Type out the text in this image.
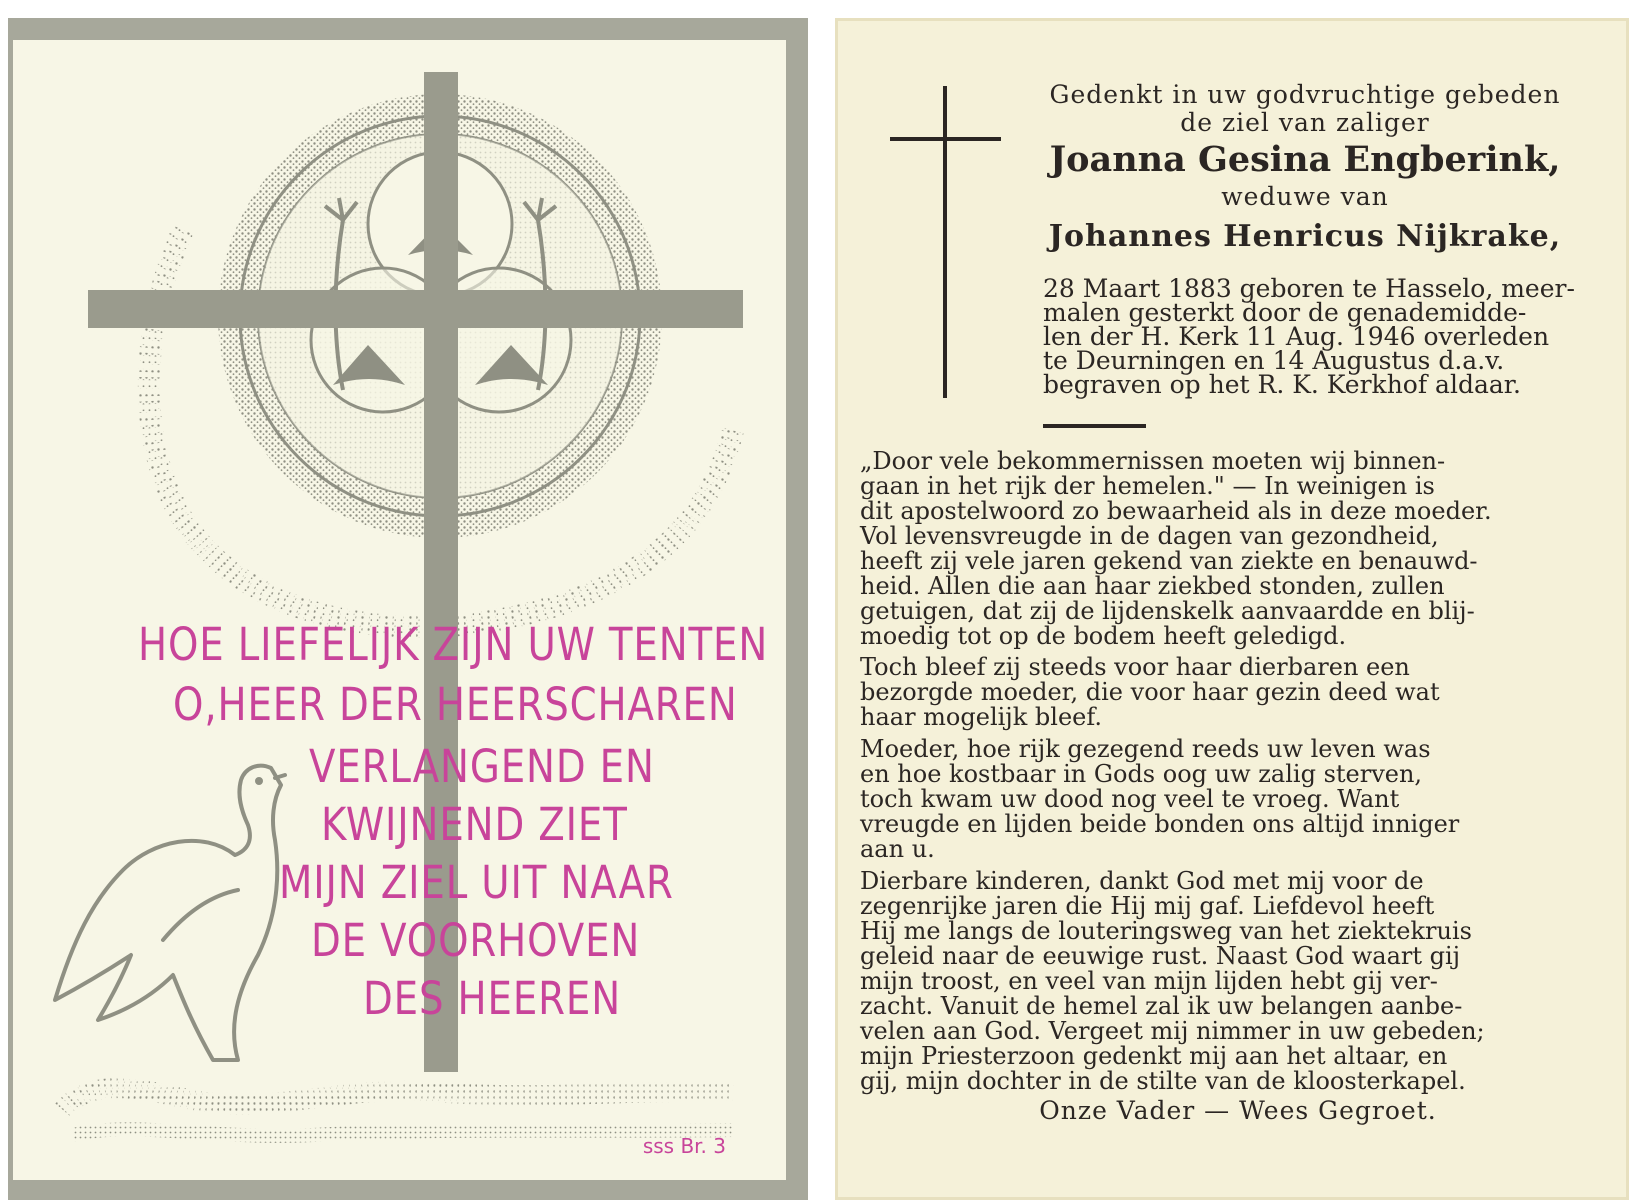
HOE LIEFELIJK ZIJN UW TENTEN
O,HEER DER HEERSCHAREN
VERLANGEND EN
KWIJNEND ZIET
MIJN ZIEL UIT NAAR
DE VOORHOVEN
DES HEEREN
sss Br. 3
Gedenkt in uw godvruchtige gebeden
de ziel van zaliger
Joanna Gesina Engberink,
weduwe van
Johannes Henricus Nijkrake,
28 Maart 1883 geboren te Hasselo, meer-
malen gesterkt door de genademidde-
len der H. Kerk 11 Aug. 1946 overleden
te Deurningen en 14 Augustus d.a.v.
begraven op het R. K. Kerkhof aldaar.
„Door vele bekommernissen moeten wij binnen-
gaan in het rijk der hemelen." — In weinigen is
dit apostelwoord zo bewaarheid als in deze moeder.
Vol levensvreugde in de dagen van gezondheid,
heeft zij vele jaren gekend van ziekte en benauwd-
heid. Allen die aan haar ziekbed stonden, zullen
getuigen, dat zij de lijdenskelk aanvaardde en blij-
moedig tot op de bodem heeft geledigd.
Toch bleef zij steeds voor haar dierbaren een
bezorgde moeder, die voor haar gezin deed wat
haar mogelijk bleef.
Moeder, hoe rijk gezegend reeds uw leven was
en hoe kostbaar in Gods oog uw zalig sterven,
toch kwam uw dood nog veel te vroeg. Want
vreugde en lijden beide bonden ons altijd inniger
aan u.
Dierbare kinderen, dankt God met mij voor de
zegenrijke jaren die Hij mij gaf. Liefdevol heeft
Hij me langs de louteringsweg van het ziektekruis
geleid naar de eeuwige rust. Naast God waart gij
mijn troost, en veel van mijn lijden hebt gij ver-
zacht. Vanuit de hemel zal ik uw belangen aanbe-
velen aan God. Vergeet mij nimmer in uw gebeden;
mijn Priesterzoon gedenkt mij aan het altaar, en
gij, mijn dochter in de stilte van de kloosterkapel.
Onze Vader — Wees Gegroet.
